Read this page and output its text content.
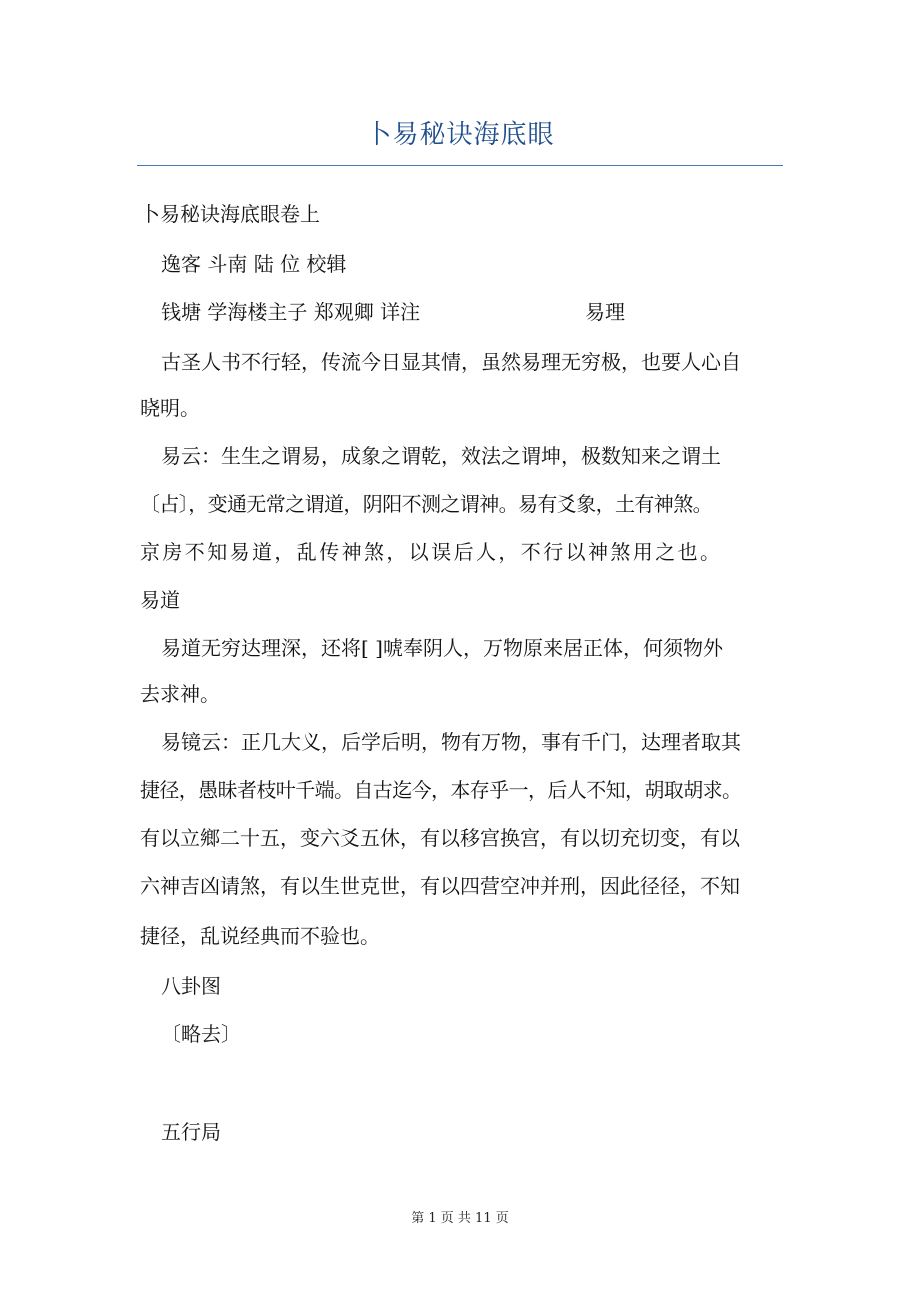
卜易秘诀海底眼
卜易秘诀海底眼卷上
逸客 斗南 陆 位 校辑
钱塘 学海楼主子 郑观卿 详注	易理
古圣人书不行轻，传流今日显其情，虽然易理无穷极，也要人心自
晓明。
易云：生生之谓易，成象之谓乾，效法之谓坤，极数知来之谓土
〔占〕，变通无常之谓道，阴阳不测之谓神。易有爻象，土有神煞。
京房不知易道，乱传神煞，以误后人，不行以神煞用之也。
易道
易道无穷达理深，还将[ ]唬奉阴人，万物原来居正体，何须物外
去求神。
易镜云：正几大义，后学后明，物有万物，事有千门，达理者取其
捷径，愚昧者枝叶千端。自古迄今，本存乎一，后人不知，胡取胡求。
有以立鄉二十五，变六爻五休，有以移宫换宫，有以切充切变，有以
六神吉凶请煞，有以生世克世，有以四营空冲并刑，因此径径，不知
捷径，乱说经典而不验也。
八卦图
〔略去〕
五行局
第 1 页 共 11 页
